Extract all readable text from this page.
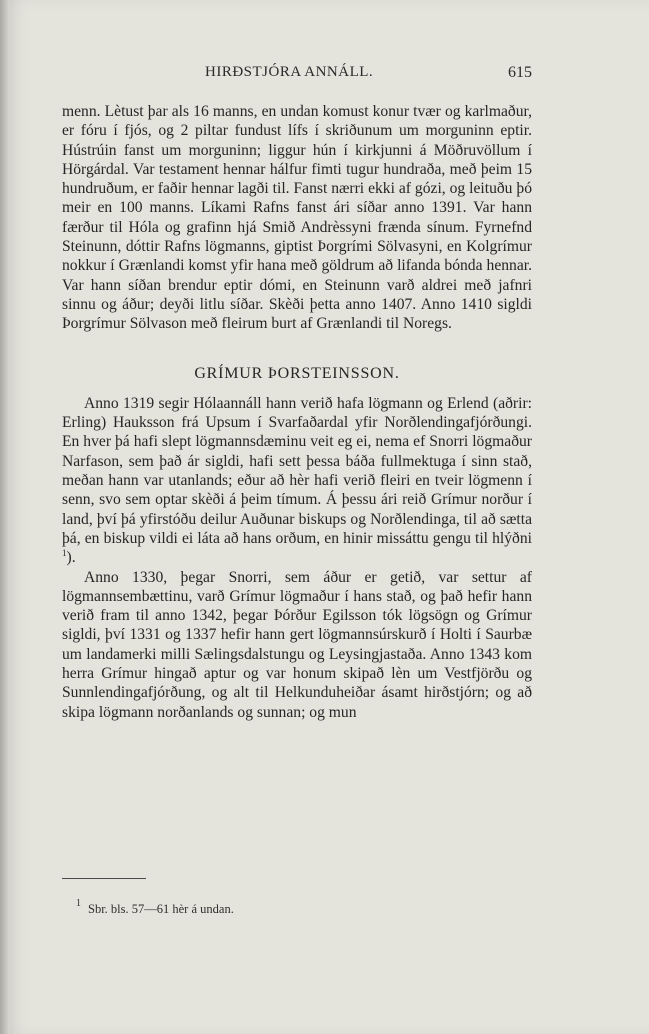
HIRÐSTJÓRA ANNÁLL.	615

menn. Lètust þar als 16 manns, en undan komust konur tvær og karlmaður, er fóru í fjós, og 2 piltar fundust lífs í skriðunum um morguninn eptir. Hústrúin fanst um morguninn; liggur hún í kirkjunni á Möðruvöllum í Hörgárdal. Var testament hennar hálfur fimti tugur hundraða, með þeim 15 hundruðum, er faðir hennar lagði til. Fanst nærri ekki af gózi, og leituðu þó meir en 100 manns. Líkami Rafns fanst ári síðar anno 1391. Var hann færður til Hóla og grafinn hjá Smið Andrèssyni frænda sínum. Fyrnefnd Steinunn, dóttir Rafns lögmanns, giptist Þorgrími Sölvasyni, en Kolgrímur nokkur í Grænlandi komst yfir hana með göldrum að lifanda bónda hennar. Var hann síðan brendur eptir dómi, en Steinunn varð aldrei með jafnri sinnu og áður; deyði litlu síðar. Skèði þetta anno 1407. Anno 1410 sigldi Þorgrímur Sölvason með fleirum burt af Grænlandi til Noregs.

GRÍMUR ÞORSTEINSSON.

Anno 1319 segir Hólaannáll hann verið hafa lögmann og Erlend (aðrir: Erling) Hauksson frá Upsum í Svarfaðardal yfir Norðlendingafjórðungi. En hver þá hafi slept lögmannsdæminu veit eg ei, nema ef Snorri lögmaður Narfason, sem það ár sigldi, hafi sett þessa báða fullmektuga í sinn stað, meðan hann var utanlands; eður að hèr hafi verið fleiri en tveir lögmenn í senn, svo sem optar skèði á þeim tímum. Á þessu ári reið Grímur norður í land, því þá yfirstóðu deilur Auðunar biskups og Norðlendinga, til að sætta þá, en biskup vildi ei láta að hans orðum, en hinir missáttu gengu til hlýðni $^1$).

Anno 1330, þegar Snorri, sem áður er getið, var settur af lögmannsembættinu, varð Grímur lögmaður í hans stað, og það hefir hann verið fram til anno 1342, þegar Þórður Egilsson tók lögsögn og Grímur sigldi, því 1331 og 1337 hefir hann gert lögmannsúrskurð í Holti í Saurbæ um landamerki milli Sælingsdalstungu og Leysingjastaða. Anno 1343 kom herra Grímur hingað aptur og var honum skipað lèn um Vestfjörðu og Sunnlendingafjórðung, og alt til Helkunduheiðar ásamt hirðstjórn; og að skipa lögmann norðanlands og sunnan; og mun

1 Sbr. bls. 57—61 hèr á undan.
